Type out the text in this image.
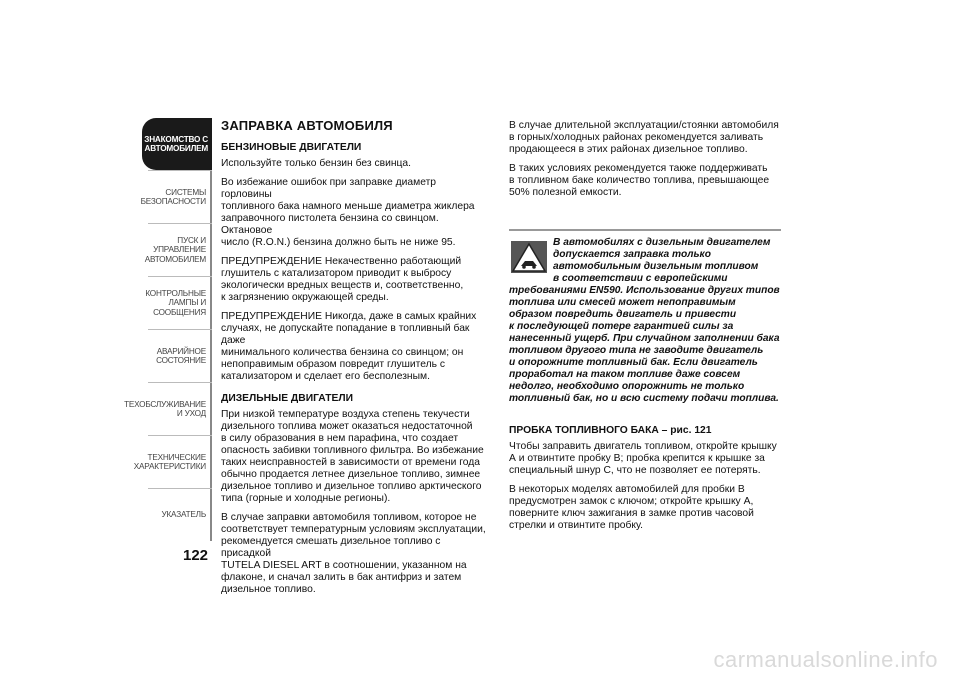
ЗНАКОМСТВО С
АВТОМОБИЛЕМ
СИСТЕМЫ
БЕЗОПАСНОСТИ
ПУСК И УПРАВЛЕНИЕ
АВТОМОБИЛЕМ
КОНТРОЛЬНЫЕ
ЛАМПЫ И
СООБЩЕНИЯ
АВАРИЙНОЕ
СОСТОЯНИЕ
ТЕХОБСЛУЖИВАНИЕ
И УХОД
ТЕХНИЧЕСКИЕ
ХАРАКТЕРИСТИКИ
УКАЗАТЕЛЬ
122
ЗАПРАВКА АВТОМОБИЛЯ
БЕНЗИНОВЫЕ ДВИГАТЕЛИ

Используйте только бензин без свинца.

Во избежание ошибок при заправке диаметр горловины
топливного бака намного меньше диаметра жиклера
заправочного пистолета бензина со свинцом. Октановое
число (R.O.N.) бензина должно быть не ниже 95.

ПРЕДУПРЕЖДЕНИЕ Некачественно работающий
глушитель с катализатором приводит к выбросу
экологически вредных веществ и, соответственно,
к загрязнению окружающей среды.

ПРЕДУПРЕЖДЕНИЕ Никогда, даже в самых крайних
случаях, не допускайте попадание в топливный бак даже
минимального количества бензина со свинцом; он
непоправимым образом повредит глушитель с
катализатором и сделает его бесполезным.

ДИЗЕЛЬНЫЕ ДВИГАТЕЛИ

При низкой температуре воздуха степень текучести
дизельного топлива может оказаться недостаточной
в силу образования в нем парафина, что создает
опасность забивки топливного фильтра. Во избежание
таких неисправностей в зависимости от времени года
обычно продается летнее дизельное топливо, зимнее
дизельное топливо и дизельное топливо арктического
типа (горные и холодные регионы).

В случае заправки автомобиля топливом, которое не
соответствует температурным условиям эксплуатации,
рекомендуется смешать дизельное топливо с присадкой
TUTELA DIESEL ART в соотношении, указанном на
флаконе, и сначал залить в бак антифриз и затем
дизельное топливо.

В случае длительной эксплуатации/стоянки автомобиля
в горных/холодных районах рекомендуется заливать
продающееся в этих районах дизельное топливо.

В таких условиях рекомендуется также поддерживать
в топливном баке количество топлива, превышающее
50% полезной емкости.

В автомобилях с дизельным двигателем
допускается заправка только
автомобильным дизельным топливом
в соответствии с европейскими
требованиями EN590. Использование других типов
топлива или смесей может непоправимым
образом повредить двигатель и привести
к последующей потере гарантией силы за
нанесенный ущерб. При случайном заполнении бака
топливом другого типа не заводите двигатель
и опорожните топливный бак. Если двигатель
проработал на таком топливе даже совсем
недолго, необходимо опорожнить не только
топливный бак, но и всю систему подачи топлива.
ПРОБКА ТОПЛИВНОГО БАКА – рис. 121

Чтобы заправить двигатель топливом, откройте крышку
А и отвинтите пробку В; пробка крепится к крышке за
специальный шнур С, что не позволяет ее потерять.

В некоторых моделях автомобилей для пробки В
предусмотрен замок с ключом; откройте крышку А,
поверните ключ зажигания в замке против часовой
стрелки и отвинтите пробку.

carmanualsonline.info
